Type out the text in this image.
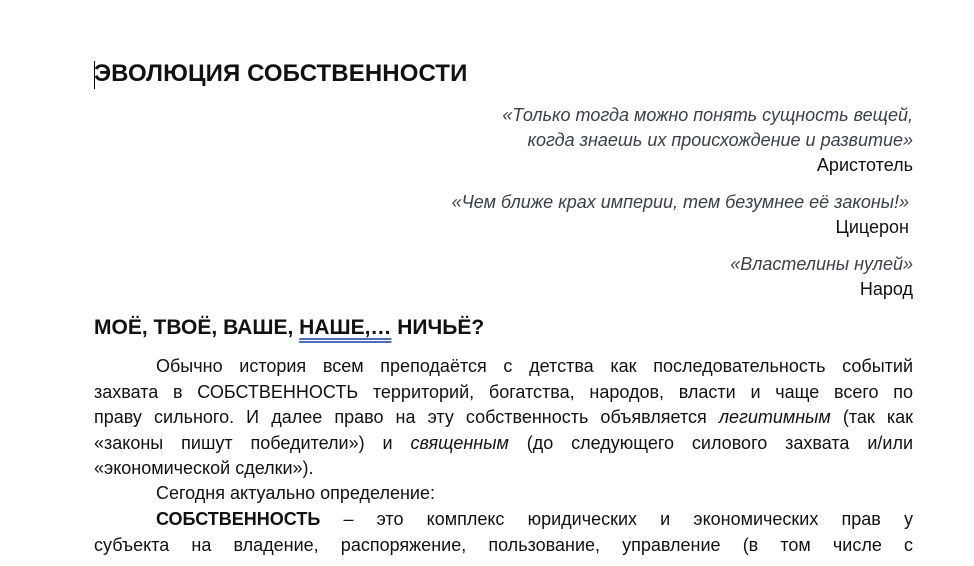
ЭВОЛЮЦИЯ СОБСТВЕННОСТИ
«Только тогда можно понять сущность вещей,
когда знаешь их происхождение и развитие»
Аристотель
«Чем ближе крах империи, тем безумнее её законы!»
Цицерон
«Властелины нулей»
Народ
МОЁ, ТВОЁ, ВАШЕ, НАШЕ,… НИЧЬЁ?
Обычно история всем преподаётся с детства как последовательность событий
захвата в СОБСТВЕННОСТЬ территорий, богатства, народов, власти и чаще всего по
праву сильного. И далее право на эту собственность объявляется легитимным (так как
«законы пишут победители») и священным (до следующего силового захвата и/или
«экономической сделки»).
Сегодня актуально определение:
СОБСТВЕННОСТЬ – это комплекс юридических и экономических прав у
субъекта на владение, распоряжение, пользование, управление (в том числе с
